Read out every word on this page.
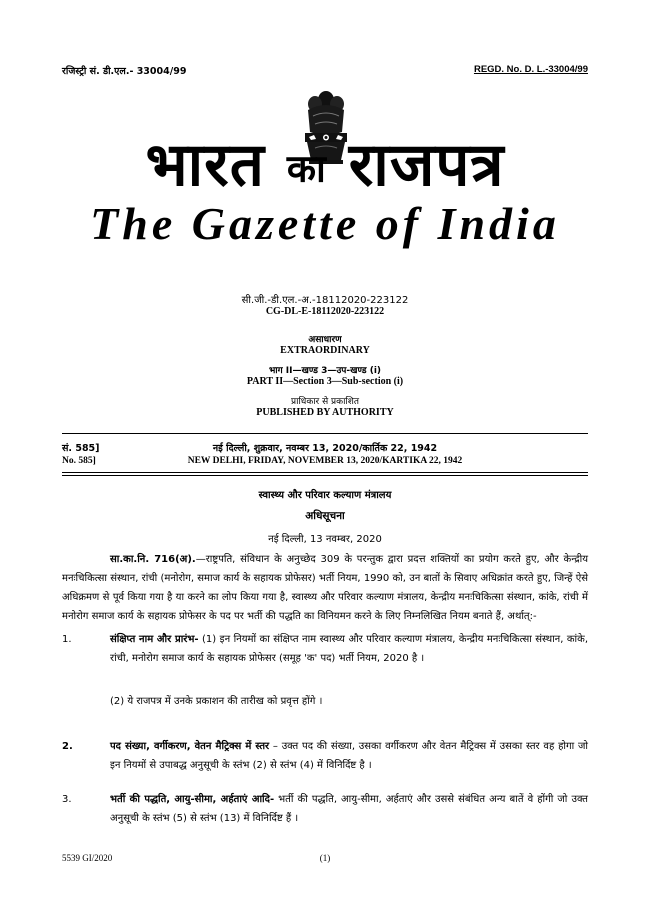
रजिस्ट्री सं. डी.एल.- 33004/99	REGD. No. D. L.-33004/99
भारत का राजपत्र
The Gazette of India
सी.जी.-डी.एल.-अ.-18112020-223122
CG-DL-E-18112020-223122
असाधारण
EXTRAORDINARY
भाग II—खण्ड 3—उप-खण्ड (i)
PART II—Section 3—Sub-section (i)
प्राधिकार से प्रकाशित
PUBLISHED BY AUTHORITY
सं. 585]	नई दिल्ली, शुक्रवार, नवम्बर 13, 2020/कार्तिक 22, 1942
No. 585]	NEW DELHI, FRIDAY, NOVEMBER 13, 2020/KARTIKA 22, 1942
स्वास्थ्य और परिवार कल्याण मंत्रालय
अधिसूचना
नई दिल्ली, 13 नवम्बर, 2020
सा.का.नि. 716(अ).—राष्ट्रपति, संविधान के अनुच्छेद 309 के परन्तुक द्वारा प्रदत्त शक्तियों का प्रयोग करते हुए, और केन्द्रीय मनःचिकित्सा संस्थान, रांची (मनोरोग, समाज कार्य के सहायक प्रोफेसर) भर्ती नियम, 1990 को, उन बातों के सिवाए अधिक्रांत करते हुए, जिन्हें ऐसे अधिक्रमण से पूर्व किया गया है या करने का लोप किया गया है, स्वास्थ्य और परिवार कल्याण मंत्रालय, केन्द्रीय मनःचिकित्सा संस्थान, कांके, रांची में मनोरोग समाज कार्य के सहायक प्रोफेसर के पद पर भर्ती की पद्धति का विनियमन करने के लिए निम्नलिखित नियम बनाते हैं, अर्थात्:-
1.	संक्षिप्त नाम और प्रारंभ- (1) इन नियमों का संक्षिप्त नाम स्वास्थ्य और परिवार कल्याण मंत्रालय, केन्द्रीय मनःचिकित्सा संस्थान, कांके, रांची, मनोरोग समाज कार्य के सहायक प्रोफेसर (समूह 'क' पद) भर्ती नियम, 2020 है ।
(2) ये राजपत्र में उनके प्रकाशन की तारीख को प्रवृत्त होंगे ।
2.	पद संख्या, वर्गीकरण, वेतन मैट्रिक्स में स्तर – उक्त पद की संख्या, उसका वर्गीकरण और वेतन मैट्रिक्स में उसका स्तर वह होगा जो इन नियमों से उपाबद्ध अनुसूची के स्तंभ (2) से स्तंभ (4) में विनिर्दिष्ट है ।
3.	भर्ती की पद्धति, आयु-सीमा, अर्हताएं आदि- भर्ती की पद्धति, आयु-सीमा, अर्हताएं और उससे संबंधित अन्य बातें वे होंगी जो उक्त अनुसूची के स्तंभ (5) से स्तंभ (13) में विनिर्दिष्ट हैं ।
5539 GI/2020	(1)
